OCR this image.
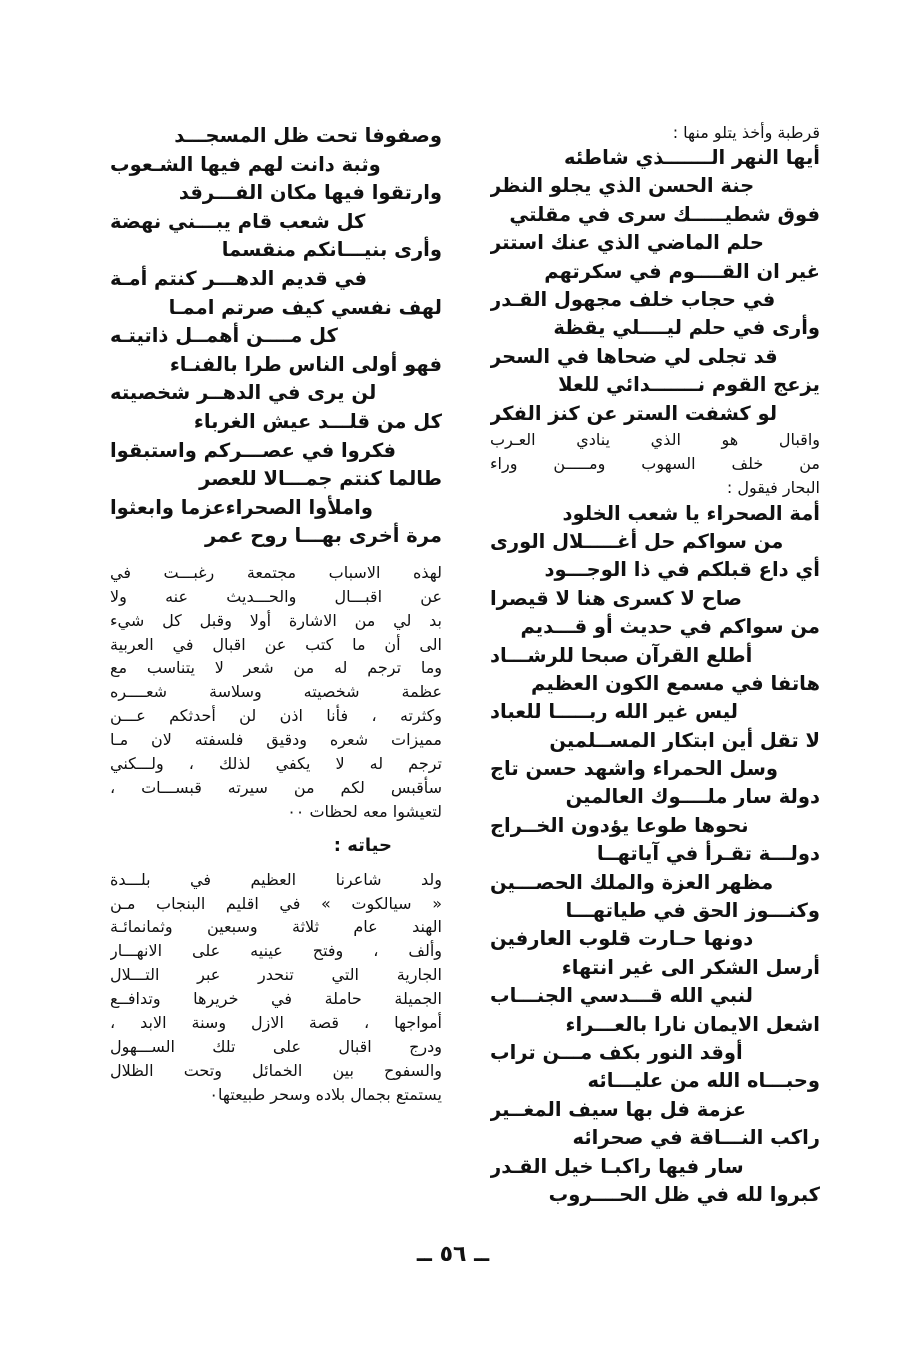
قرطبة وأخذ يتلو منها :
أيها النهر الـــــــذي شاطئه
جنة الحسن الذي يجلو النظر
فوق شطيـــــك سرى في مقلتي
حلم الماضي الذي عنك استتر
غير ان القــــوم في سكرتهم
في حجاب خلف مجهول القـدر
وأرى في حلم ليــــلي يقظة
قد تجلى لي ضحاها في السحر
يزعج القوم نـــــــدائي للعلا
لو كشفت الستر عن كنز الفكر
واقبال هو الذي ينادي العـرب
من خلف السهوب ومـــــن وراء
البحار فيقول :
أمة الصحراء يا شعب الخلود
من سواكم حل أغـــــلال الورى
أي داع قبلكم في ذا الوجـــود
صاح لا كسرى هنا لا قيصرا
من سواكم في حديث أو قـــديم
أطلع القرآن صبحا للرشـــاد
هاتفا في مسمع الكون العظيم
ليس غير الله ربـــــا للعباد
لا تقل أين ابتكار المســلمين
وسل الحمراء واشهد حسن تاج
دولة سار ملــــوك العالمين
نحوها طوعا يؤدون الخــراج
دولـــة تقـرأ في آياتهــا
مظهر العزة والملك الحصـــين
وكنـــوز الحق في طياتهـــا
دونها حـارت قلوب العارفين
أرسل الشكر الى غير انتهاء
لنبي الله قـــدسي الجنـــاب
اشعل الايمان نارا بالعـــراء
أوقد النور بكف مـــن تراب
وحبـــاه الله من عليـــائه
عزمة فل بها سيف المغــير
راكب النـــاقة في صحرائه
سار فيها راكبـا خيل القـدر
كبروا لله في ظل الحــــروب
وصفوفا تحت ظل المسجـــد
وثبة دانت لهم فيها الشـعوب
وارتقوا فيها مكان الفـــرقد
كل شعب قام يبـــني نهضة
وأرى بنيـــانكم منقسما
في قديم الدهـــر كنتم أمـة
لهف نفسي كيف صرتم اممـا
كل مــــن أهمــل ذاتيتـه
فهو أولى الناس طرا بالفنـاء
لن يرى في الدهــر شخصيته
كل من قلـــد عيش الغرباء
فكروا في عصـــركم واستبقوا
طالما كنتم جمـــالا للعصر
واملأوا الصحراءعزما وابعثوا
مرة أخرى بهـــا روح عمر
لهذه الاسباب مجتمعة رغبـــت في
عن اقبـــال والحـــديث عنه ولا
بد لي من الاشارة أولا وقبل كل شيء
الى أن ما كتب عن اقبال في العربية
وما ترجم له من شعر لا يتناسب مع
عظمة شخصيته وسلاسة شعــــره
وكثرته ، فأنا اذن لن أحدثكم عـــن
مميزات شعره ودقيق فلسفته لان مـا
ترجم له لا يكفي لذلك ، ولـــكني
سأقبس لكم من سيرته قبســـات ،
لتعيشوا معه لحظات ٠٠
حياته :
ولد شاعرنا العظيم في بلـــدة
« سيالكوت » في اقليم البنجاب مـن
الهند عام ثلاثة وسبعين وثمانمائـة
وألف ، وفتح عينيه على الانهـــار
الجارية التي تنحدر عبر التـــلال
الجميلة حاملة في خريرها وتدافــع
أمواجها ، قصة الازل وسنة الابد ،
ودرج اقبال على تلك الســـهول
والسفوح بين الخمائل وتحت الظلال
يستمتع بجمال بلاده وسحر طبيعتها٠
ــ ٥٦ ــ
